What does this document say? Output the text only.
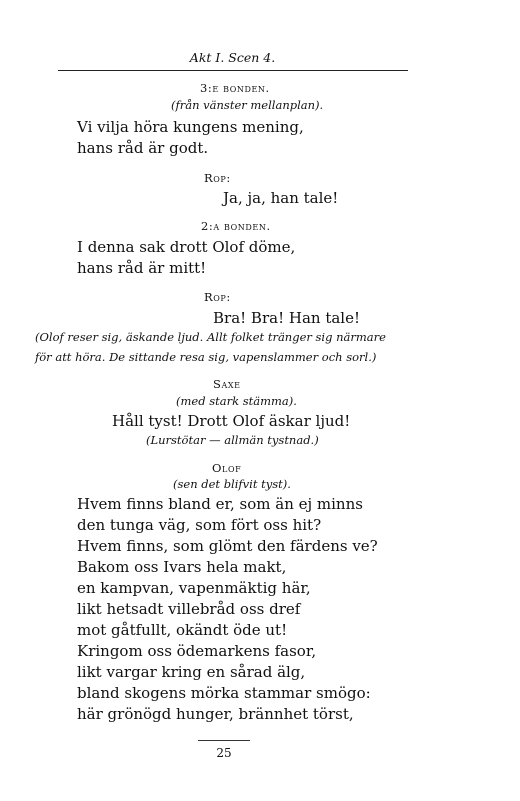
Akt I. Scen 4.
3:e bonden.
(från vänster mellanplan).
Vi vilja höra kungens mening,
hans råd är godt.
Rop:
Ja, ja, han tale!
2:a bonden.
I denna sak drott Olof döme,
hans råd är mitt!
Rop:
Bra! Bra! Han tale!
(Olof reser sig, äskande ljud. Allt folket tränger sig närmare
för att höra. De sittande resa sig, vapenslammer och sorl.)
Saxe
(med stark stämma).
Håll tyst! Drott Olof äskar ljud!
(Lurstötar — allmän tystnad.)
Olof
(sen det blifvit tyst).
Hvem finns bland er, som än ej minns
den tunga väg, som fört oss hit?
Hvem finns, som glömt den färdens ve?
Bakom oss Ivars hela makt,
en kampvan, vapenmäktig här,
likt hetsadt villebråd oss dref
mot gåtfullt, okändt öde ut!
Kringom oss ödemarkens fasor,
likt vargar kring en sårad älg,
bland skogens mörka stammar smögo:
här grönögd hunger, brännhet törst,
25
